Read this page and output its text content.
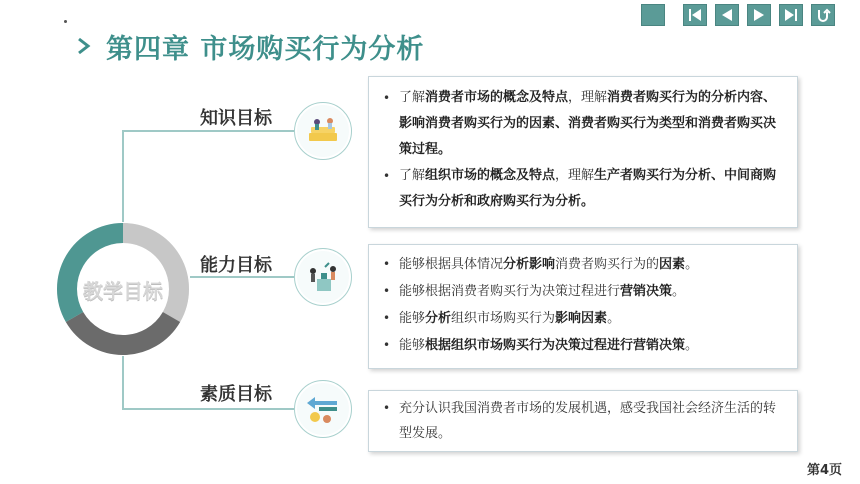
第四章 市场购买行为分析
教学目标
知识目标
能力目标
素质目标
• 了解消费者市场的概念及特点，理解消费者购买行为的分析内容、影响消费者购买行为的因素、消费者购买行为类型和消费者购买决策过程。
• 了解组织市场的概念及特点，理解生产者购买行为分析、中间商购买行为分析和政府购买行为分析。
• 能够根据具体情况分析影响消费者购买行为的因素。
• 能够根据消费者购买行为决策过程进行营销决策。
• 能够分析组织市场购买行为影响因素。
• 能够根据组织市场购买行为决策过程进行营销决策。
• 充分认识我国消费者市场的发展机遇，感受我国社会经济生活的转型发展。
第4页
